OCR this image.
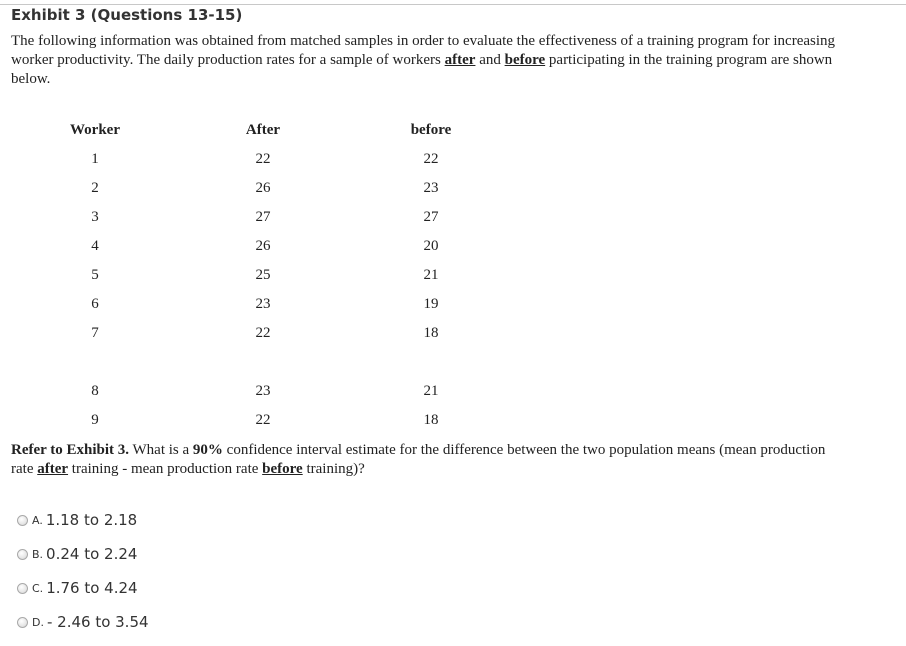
Exhibit 3 (Questions 13-15)
The following information was obtained from matched samples in order to evaluate the effectiveness of a training program for increasing worker productivity. The daily production rates for a sample of workers after and before participating in the training program are shown below.
Worker	After	before
1	22	22
2	26	23
3	27	27
4	26	20
5	25	21
6	23	19
7	22	18
8	23	21
9	22	18
Refer to Exhibit 3. What is a 90% confidence interval estimate for the difference between the two population means (mean production rate after training - mean production rate before training)?
A. 1.18 to 2.18
B. 0.24 to 2.24
C. 1.76 to 4.24
D. - 2.46 to 3.54
